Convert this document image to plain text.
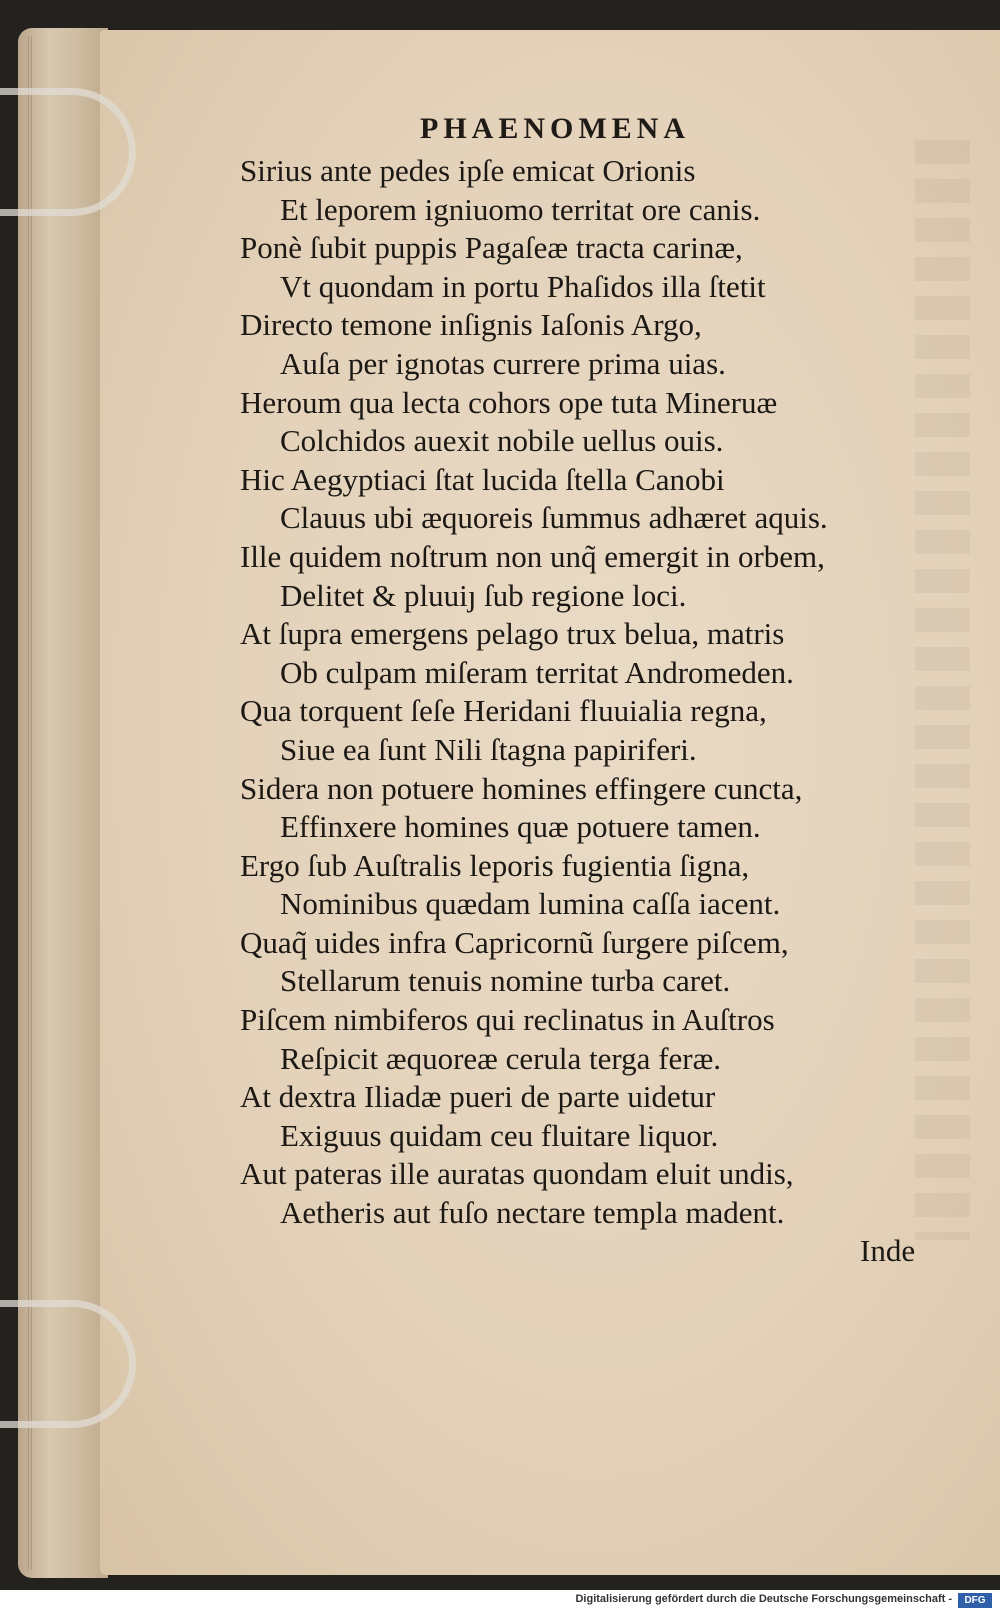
PHAENOMENA
Sirius ante pedes ipſe emicat Orionis
Et leporem igniuomo territat ore canis.
Ponè ſubit puppis Pagaſeæ tracta carinæ,
Vt quondam in portu Phaſidos illa ſtetit
Directo temone inſignis Iaſonis Argo,
Auſa per ignotas currere prima uias.
Heroum qua lecta cohors ope tuta Mineruæ
Colchidos auexit nobile uellus ouis.
Hic Aegyptiaci ſtat lucida ſtella Canobi
Clauus ubi æquoreis ſummus adhæret aquis.
Ille quidem noſtrum non unq̃ emergit in orbem,
Delitet & pluuiȷ ſub regione loci.
At ſupra emergens pelago trux belua, matris
Ob culpam miſeram territat Andromeden.
Qua torquent ſeſe Heridani fluuialia regna,
Siue ea ſunt Nili ſtagna papiriferi.
Sidera non potuere homines effingere cuncta,
Effinxere homines quæ potuere tamen.
Ergo ſub Auſtralis leporis fugientia ſigna,
Nominibus quædam lumina caſſa iacent.
Quaq̃ uides infra Capricornũ ſurgere piſcem,
Stellarum tenuis nomine turba caret.
Piſcem nimbiferos qui reclinatus in Auſtros
Reſpicit æquoreæ cerula terga feræ.
At dextra Iliadæ pueri de parte uidetur
Exiguus quidam ceu fluitare liquor.
Aut pateras ille auratas quondam eluit undis,
Aetheris aut fuſo nectare templa madent.
Inde
Digitalisierung gefördert durch die Deutsche Forschungsgemeinschaft -	DFG
